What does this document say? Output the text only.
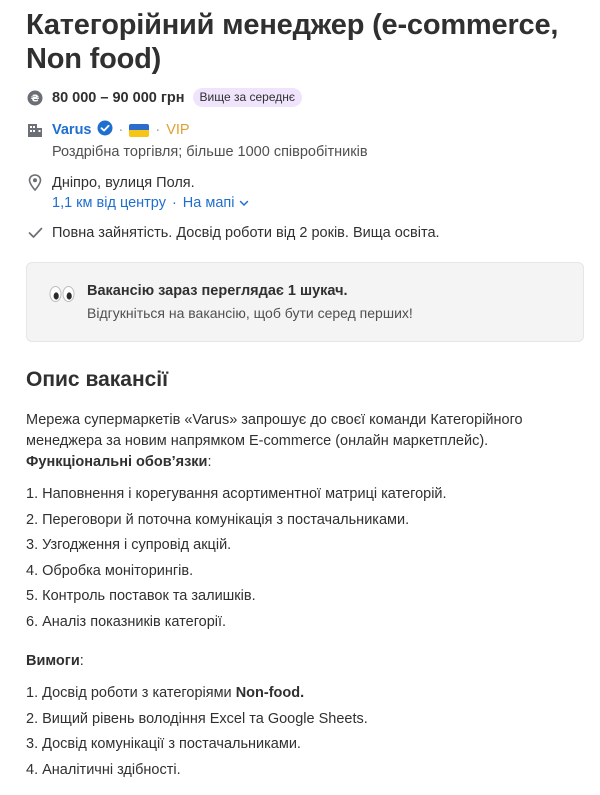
Категорійний менеджер (e-commerce, Non food)
₴ 80 000 – 90 000 грн	Вище за середнє
Varus · · VIP
Роздрібна торгівля; більше 1000 співробітників
Дніпро, вулиця Поля.
1,1 км від центру · На мапі
Повна зайнятість. Досвід роботи від 2 років. Вища освіта.
Вакансію зараз переглядає 1 шукач.
Відгукніться на вакансію, щоб бути серед перших!
Опис вакансії
Мережа супермаркетів «Varus» запрошує до своєї команди Категорійного менеджера за новим напрямком E-commerce (онлайн маркетплейс).
Функціональні обов’язки:
1. Наповнення і корегування асортиментної матриці категорій.
2. Переговори й поточна комунікація з постачальниками.
3. Узгодження і супровід акцій.
4. Обробка моніторингів.
5. Контроль поставок та залишків.
6. Аналіз показників категорії.
Вимоги:
1. Досвід роботи з категоріями Non-food.
2. Вищий рівень володіння Excel та Google Sheets.
3. Досвід комунікації з постачальниками.
4. Аналітичні здібності.
